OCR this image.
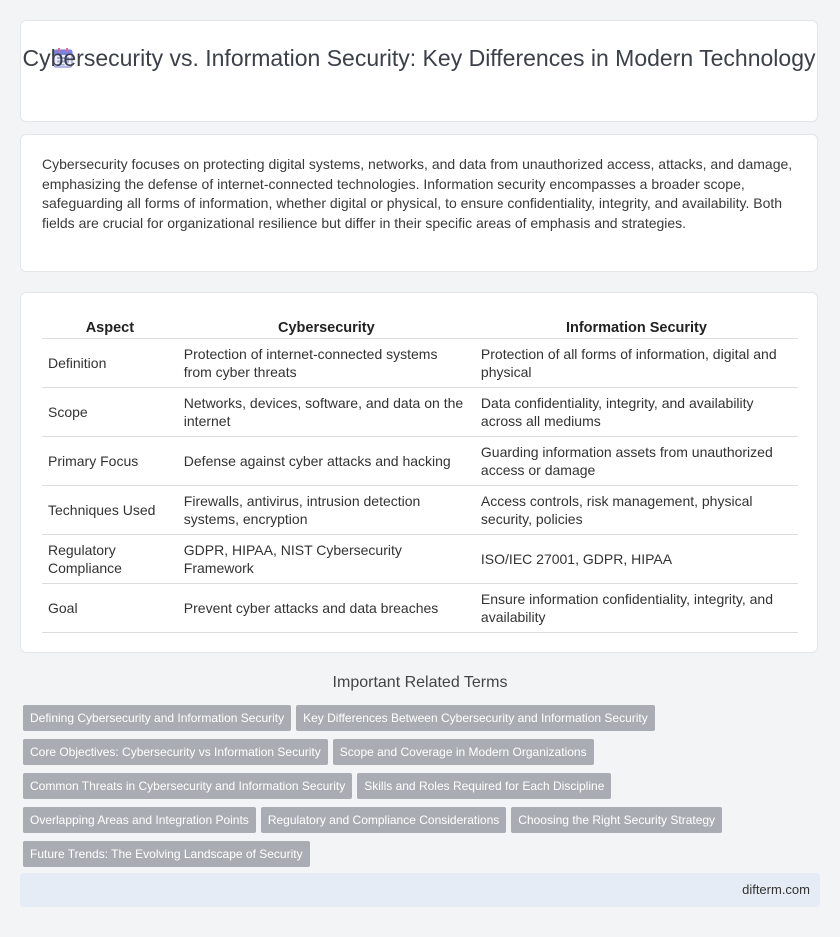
Cybersecurity vs. Information Security: Key Differences in Modern Technology
Cybersecurity focuses on protecting digital systems, networks, and data from unauthorized access, attacks, and damage, emphasizing the defense of internet-connected technologies. Information security encompasses a broader scope, safeguarding all forms of information, whether digital or physical, to ensure confidentiality, integrity, and availability. Both fields are crucial for organizational resilience but differ in their specific areas of emphasis and strategies.
Aspect	Cybersecurity	Information Security
Definition	Protection of internet-connected systems from cyber threats	Protection of all forms of information, digital and physical
Scope	Networks, devices, software, and data on the internet	Data confidentiality, integrity, and availability across all mediums
Primary Focus	Defense against cyber attacks and hacking	Guarding information assets from unauthorized access or damage
Techniques Used	Firewalls, antivirus, intrusion detection systems, encryption	Access controls, risk management, physical security, policies
Regulatory Compliance	GDPR, HIPAA, NIST Cybersecurity Framework	ISO/IEC 27001, GDPR, HIPAA
Goal	Prevent cyber attacks and data breaches	Ensure information confidentiality, integrity, and availability
Important Related Terms
Defining Cybersecurity and Information Security Key Differences Between Cybersecurity and Information Security
Core Objectives: Cybersecurity vs Information Security Scope and Coverage in Modern Organizations
Common Threats in Cybersecurity and Information Security Skills and Roles Required for Each Discipline
Overlapping Areas and Integration Points Regulatory and Compliance Considerations Choosing the Right Security Strategy
Future Trends: The Evolving Landscape of Security
difterm.com
